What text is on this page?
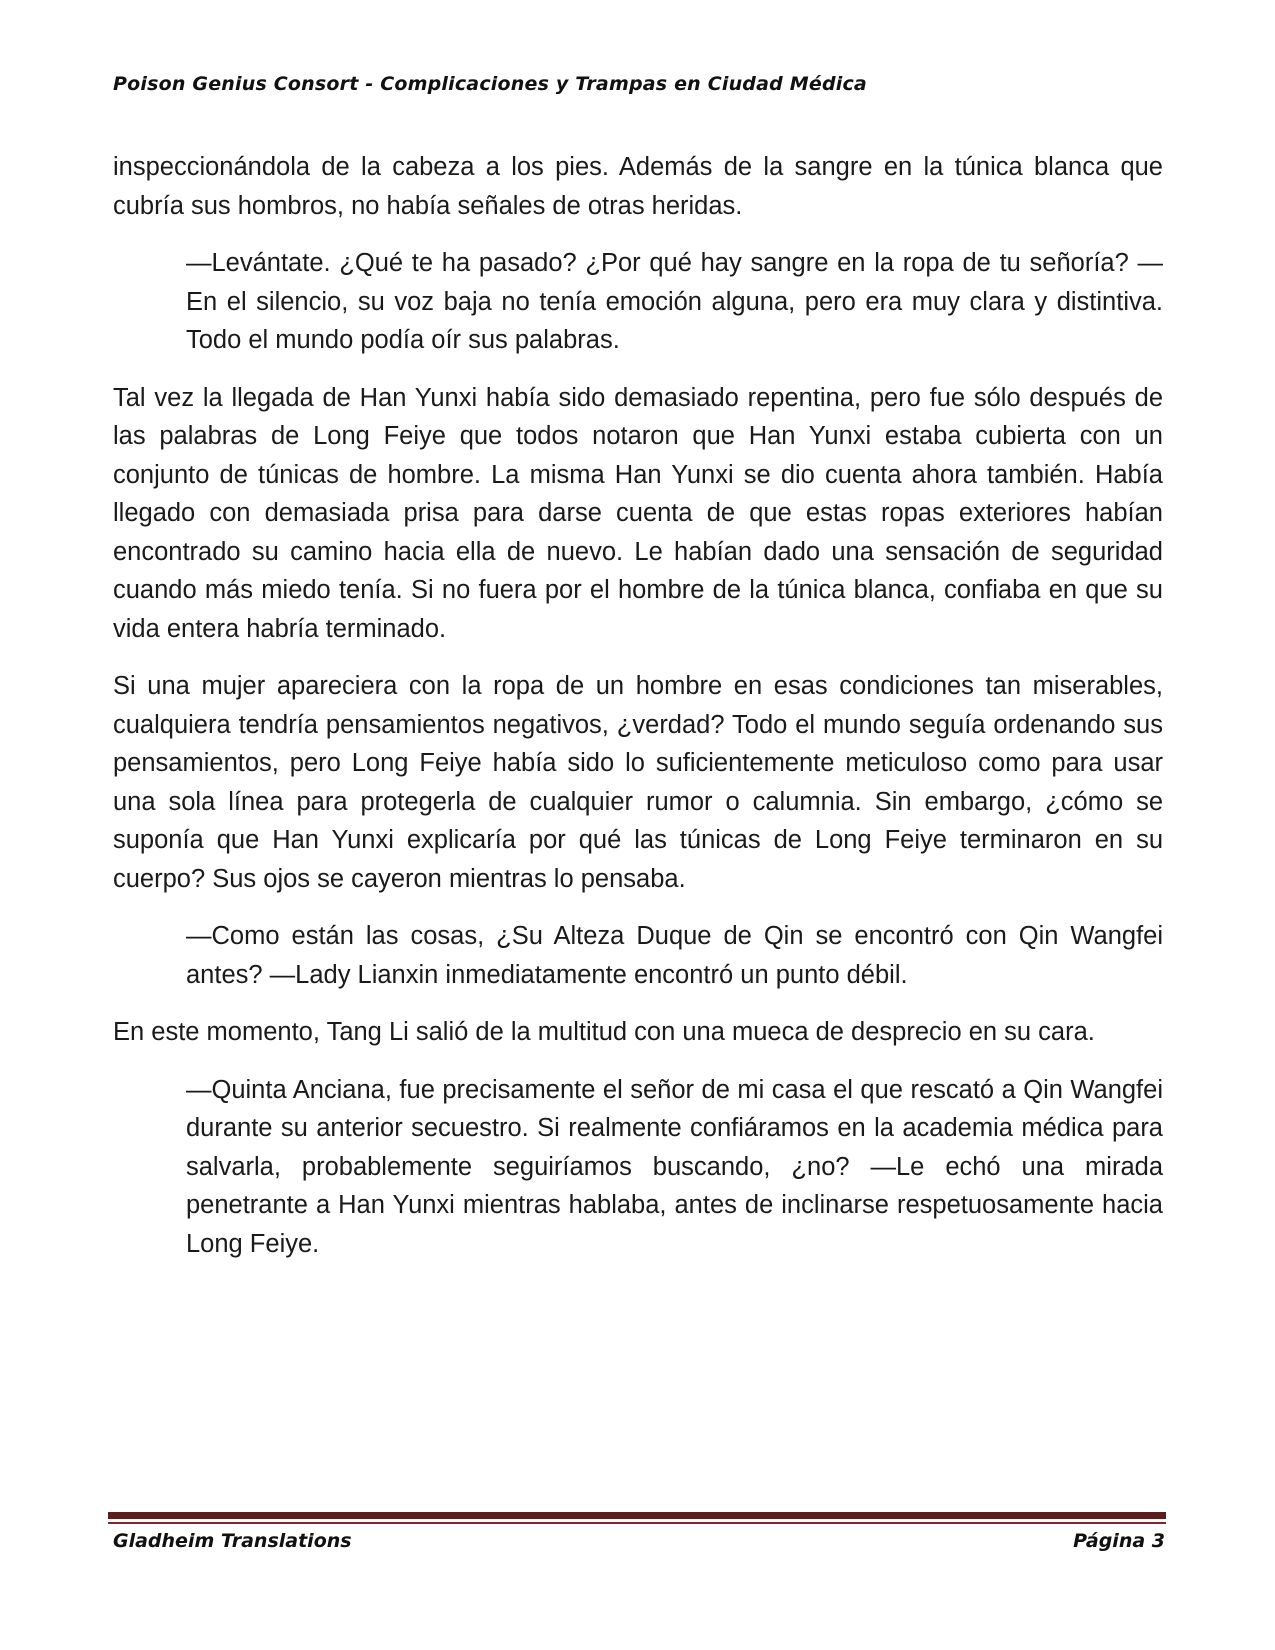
Poison Genius Consort - Complicaciones y Trampas en Ciudad Médica

inspeccionándola de la cabeza a los pies. Además de la sangre en la túnica blanca que cubría sus hombros, no había señales de otras heridas.

—Levántate. ¿Qué te ha pasado? ¿Por qué hay sangre en la ropa de tu señoría? —En el silencio, su voz baja no tenía emoción alguna, pero era muy clara y distintiva. Todo el mundo podía oír sus palabras.

Tal vez la llegada de Han Yunxi había sido demasiado repentina, pero fue sólo después de las palabras de Long Feiye que todos notaron que Han Yunxi estaba cubierta con un conjunto de túnicas de hombre. La misma Han Yunxi se dio cuenta ahora también. Había llegado con demasiada prisa para darse cuenta de que estas ropas exteriores habían encontrado su camino hacia ella de nuevo. Le habían dado una sensación de seguridad cuando más miedo tenía. Si no fuera por el hombre de la túnica blanca, confiaba en que su vida entera habría terminado.

Si una mujer apareciera con la ropa de un hombre en esas condiciones tan miserables, cualquiera tendría pensamientos negativos, ¿verdad? Todo el mundo seguía ordenando sus pensamientos, pero Long Feiye había sido lo suficientemente meticuloso como para usar una sola línea para protegerla de cualquier rumor o calumnia. Sin embargo, ¿cómo se suponía que Han Yunxi explicaría por qué las túnicas de Long Feiye terminaron en su cuerpo? Sus ojos se cayeron mientras lo pensaba.

—Como están las cosas, ¿Su Alteza Duque de Qin se encontró con Qin Wangfei antes? —Lady Lianxin inmediatamente encontró un punto débil.

En este momento, Tang Li salió de la multitud con una mueca de desprecio en su cara.

—Quinta Anciana, fue precisamente el señor de mi casa el que rescató a Qin Wangfei durante su anterior secuestro. Si realmente confiáramos en la academia médica para salvarla, probablemente seguiríamos buscando, ¿no? —Le echó una mirada penetrante a Han Yunxi mientras hablaba, antes de inclinarse respetuosamente hacia Long Feiye.

Gladheim Translations	Página 3
